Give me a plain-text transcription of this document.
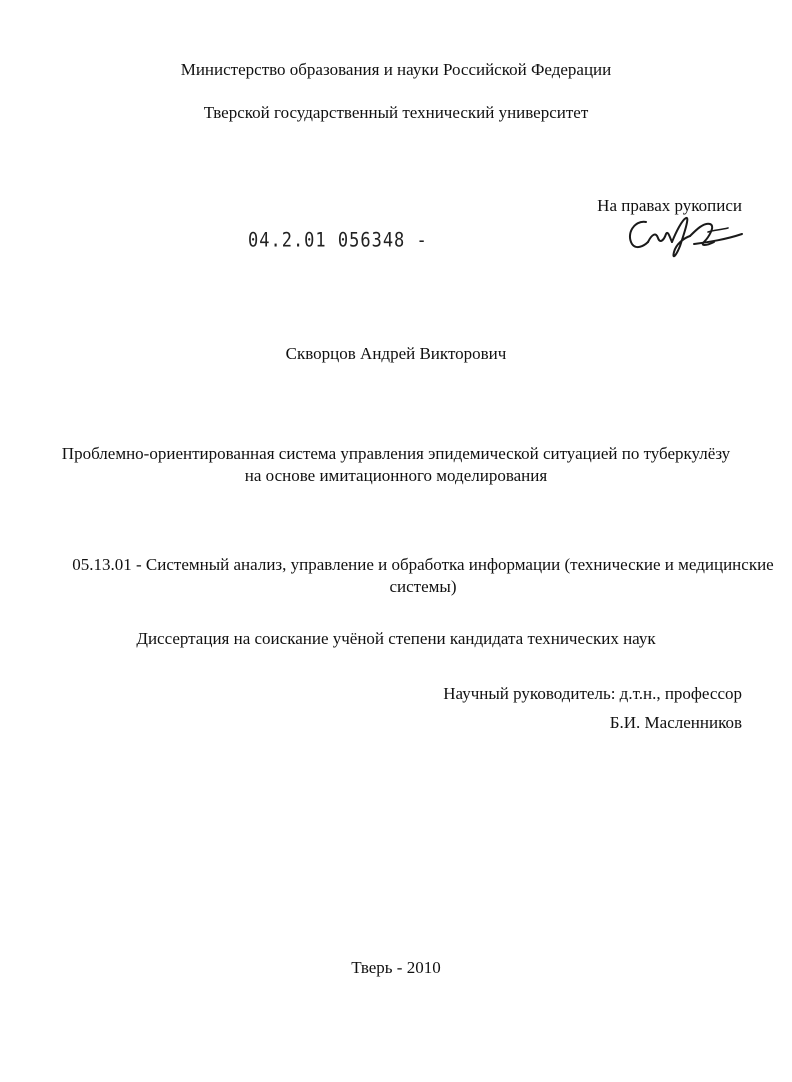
Министерство образования и науки Российской Федерации
Тверской государственный технический университет
На правах рукописи
04.2.01 056348 -
Скворцов Андрей Викторович
Проблемно-ориентированная система управления эпидемической ситуацией по туберкулёзу на основе имитационного моделирования
05.13.01 - Системный анализ, управление и обработка информации (технические и медицинские системы)
Диссертация на соискание учёной степени кандидата технических наук
Научный руководитель: д.т.н., профессор
Б.И. Масленников
Тверь - 2010
